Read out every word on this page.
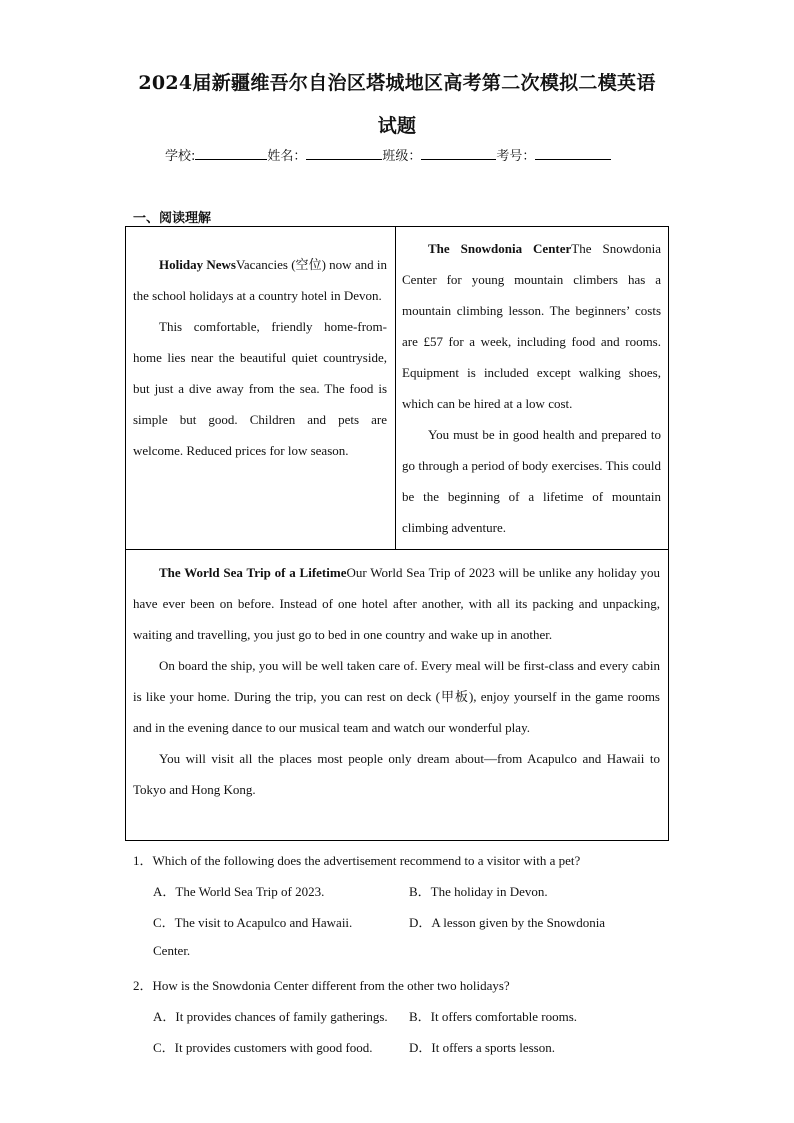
2024届新疆维吾尔自治区塔城地区高考第二次模拟二模英语
试题
学校:	姓名：	班级：	考号：
一、阅读理解

Holiday NewsVacancies (空位) now and in the school holidays at a country hotel in Devon.

This comfortable, friendly home-from-home lies near the beautiful quiet countryside, but just a dive away from the sea. The food is simple but good. Children and pets are welcome. Reduced prices for low season.

The Snowdonia CenterThe Snowdonia Center for young mountain climbers has a mountain climbing lesson. The beginners’ costs are £57 for a week, including food and rooms. Equipment is included except walking shoes, which can be hired at a low cost.

You must be in good health and prepared to go through a period of body exercises. This could be the beginning of a lifetime of mountain climbing adventure.

The World Sea Trip of a LifetimeOur World Sea Trip of 2023 will be unlike any holiday you have ever been on before. Instead of one hotel after another, with all its packing and unpacking, waiting and travelling, you just go to bed in one country and wake up in another.

On board the ship, you will be well taken care of. Every meal will be first-class and every cabin is like your home. During the trip, you can rest on deck (甲板), enjoy yourself in the game rooms and in the evening dance to our musical team and watch our wonderful play.

You will visit all the places most people only dream about—from Acapulco and Hawaii to Tokyo and Hong Kong.

1．Which of the following does the advertisement recommend to a visitor with a pet?
A．The World Sea Trip of 2023.	B．The holiday in Devon.
C．The visit to Acapulco and Hawaii.	D．A lesson given by the Snowdonia
Center.
2．How is the Snowdonia Center different from the other two holidays?
A．It provides chances of family gatherings. B．It offers comfortable rooms.
C．It provides customers with good food.	D．It offers a sports lesson.
